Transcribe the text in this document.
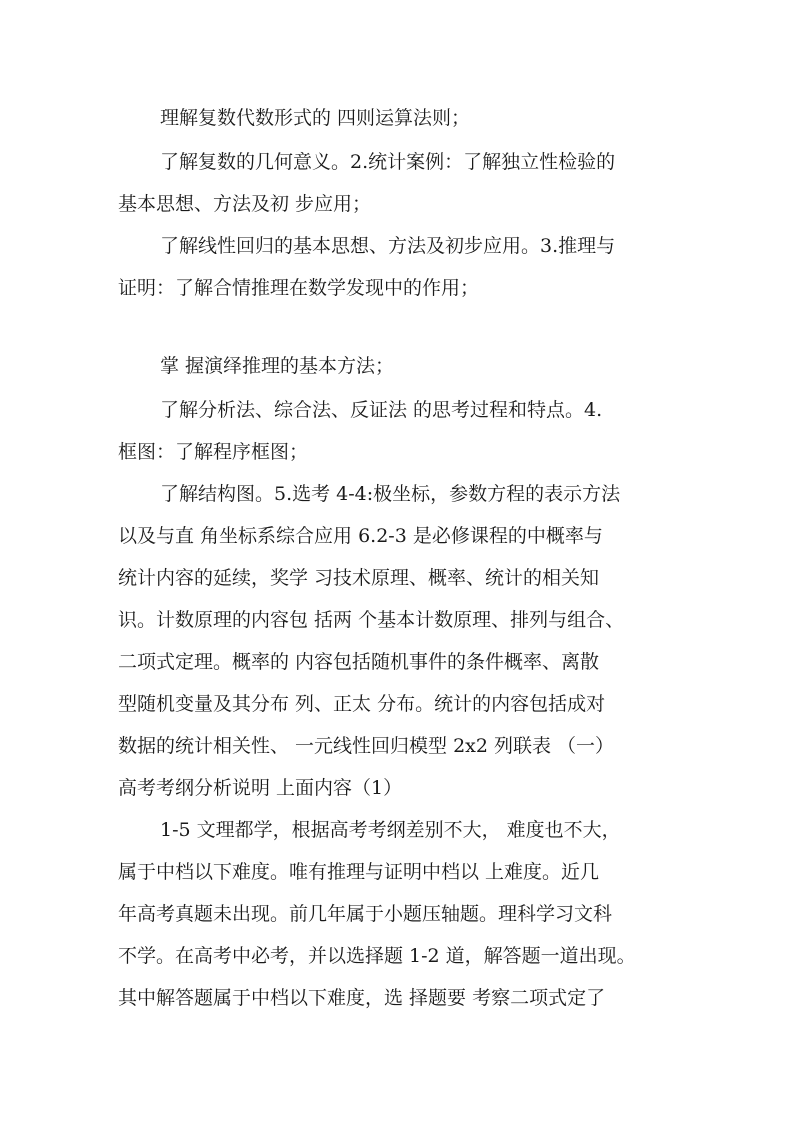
理解复数代数形式的 四则运算法则；
了解复数的几何意义。2.统计案例：了解独立性检验的
基本思想、方法及初 步应用；
了解线性回归的基本思想、方法及初步应用。3.推理与
证明：了解合情推理在数学发现中的作用；
掌 握演绎推理的基本方法；
了解分析法、综合法、反证法 的思考过程和特点。4.
框图：了解程序框图；
了解结构图。5.选考 4-4:极坐标，参数方程的表示方法
以及与直 角坐标系综合应用 6.2-3 是必修课程的中概率与
统计内容的延续，奖学 习技术原理、概率、统计的相关知
识。计数原理的内容包 括两 个基本计数原理、排列与组合、
二项式定理。概率的 内容包括随机事件的条件概率、离散
型随机变量及其分布 列、正太 分布。统计的内容包括成对
数据的统计相关性、 一元线性回归模型 2x2 列联表 （一）
高考考纲分析说明 上面内容（1）
1-5 文理都学，根据高考考纲差别不大， 难度也不大，
属于中档以下难度。唯有推理与证明中档以 上难度。近几
年高考真题未出现。前几年属于小题压轴题。理科学习文科
不学。在高考中必考，并以选择题 1-2 道，解答题一道出现。
其中解答题属于中档以下难度，选 择题要 考察二项式定了
